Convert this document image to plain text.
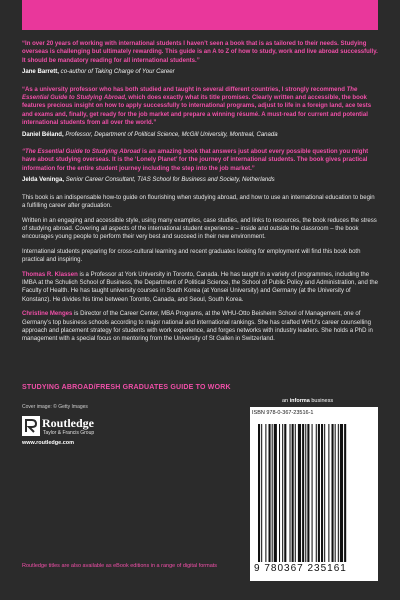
“In over 20 years of working with international students I haven’t seen a book that is as tailored to their needs. Studying overseas is challenging but ultimately rewarding. This guide is an A to Z of how to study, work and live abroad successfully. It should be mandatory reading for all international students.”

Jane Barrett, co-author of Taking Charge of Your Career

“As a university professor who has both studied and taught in several different countries, I strongly recommend The Essential Guide to Studying Abroad, which does exactly what its title promises. Clearly written and accessible, the book features precious insight on how to apply successfully to international programs, adjust to life in a foreign land, ace tests and exams and, finally, get ready for the job market and prepare a winning résumé. A must-read for current and potential international students from all over the world.”

Daniel Béland, Professor, Department of Political Science, McGill University, Montreal, Canada

“The Essential Guide to Studying Abroad is an amazing book that answers just about every possible question you might have about studying overseas. It is the ‘Lonely Planet’ for the journey of international students. The book gives practical information for the entire student journey including the step into the job market.”

Jelda Veninga, Senior Career Consultant, TIAS School for Business and Society, Netherlands

This book is an indispensable how-to guide on flourishing when studying abroad, and how to use an international education to begin a fulfilling career after graduation.

Written in an engaging and accessible style, using many examples, case studies, and links to resources, the book reduces the stress of studying abroad. Covering all aspects of the international student experience – inside and outside the classroom – the book encourages young people to perform their very best and succeed in their new environment.

International students preparing for cross-cultural learning and recent graduates looking for employment will find this book both practical and inspiring.

Thomas R. Klassen is a Professor at York University in Toronto, Canada. He has taught in a variety of programmes, including the IMBA at the Schulich School of Business, the Department of Political Science, the School of Public Policy and Administration, and the Faculty of Health. He has taught university courses in South Korea (at Yonsei University) and Germany (at the University of Konstanz). He divides his time between Toronto, Canada, and Seoul, South Korea.

Christine Menges is Director of the Career Center, MBA Programs, at the WHU-Otto Beisheim School of Management, one of Germany’s top business schools according to major national and international rankings. She has crafted WHU’s career counselling approach and placement strategy for students with work experience, and forges networks with industry leaders. She holds a PhD in management with a special focus on mentoring from the University of St Gallen in Switzerland.

STUDYING ABROAD/FRESH GRADUATES GUIDE TO WORK
Cover image: © Getty Images
Routledge
Taylor & Francis Group
www.routledge.com
Routledge titles are also available as eBook editions in a range of digital formats
an informa business
ISBN 978-0-367-23516-1
9 780367 235161
